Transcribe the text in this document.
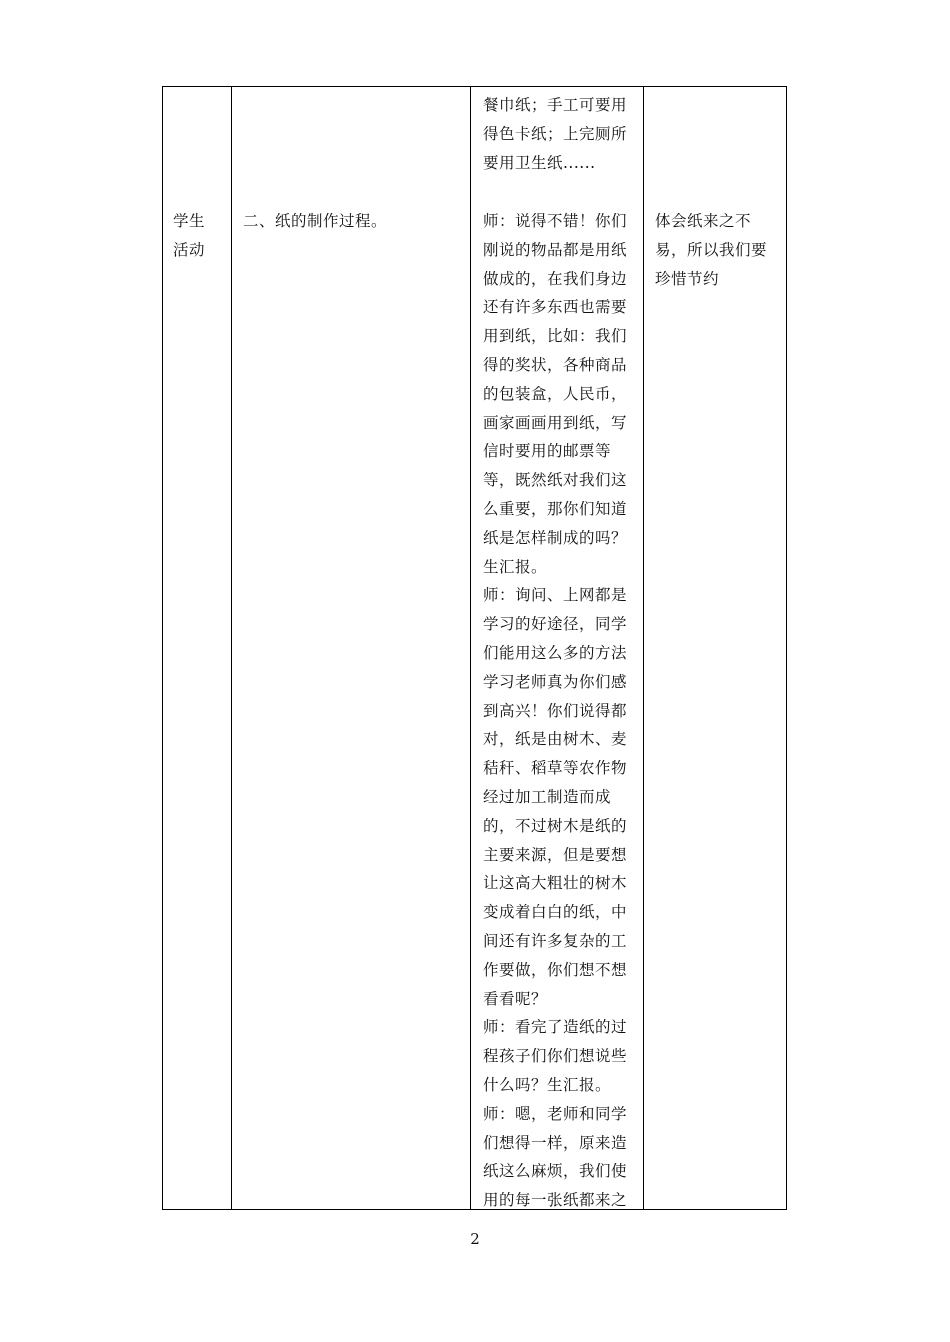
学生
活动
二、纸的制作过程。
餐巾纸；手工可要用
得色卡纸；上完厕所
要用卫生纸......
师：说得不错！你们
刚说的物品都是用纸
做成的，在我们身边
还有许多东西也需要
用到纸，比如：我们
得的奖状，各种商品
的包装盒，人民币，
画家画画用到纸，写
信时要用的邮票等
等，既然纸对我们这
么重要，那你们知道
纸是怎样制成的吗？
生汇报。
师：询问、上网都是
学习的好途径，同学
们能用这么多的方法
学习老师真为你们感
到高兴！你们说得都
对，纸是由树木、麦
秸秆、稻草等农作物
经过加工制造而成
的，不过树木是纸的
主要来源，但是要想
让这高大粗壮的树木
变成着白白的纸，中
间还有许多复杂的工
作要做，你们想不想
看看呢？
师：看完了造纸的过
程孩子们你们想说些
什么吗？生汇报。
师：嗯，老师和同学
们想得一样，原来造
纸这么麻烦，我们使
用的每一张纸都来之
体会纸来之不
易，所以我们要
珍惜节约
2
